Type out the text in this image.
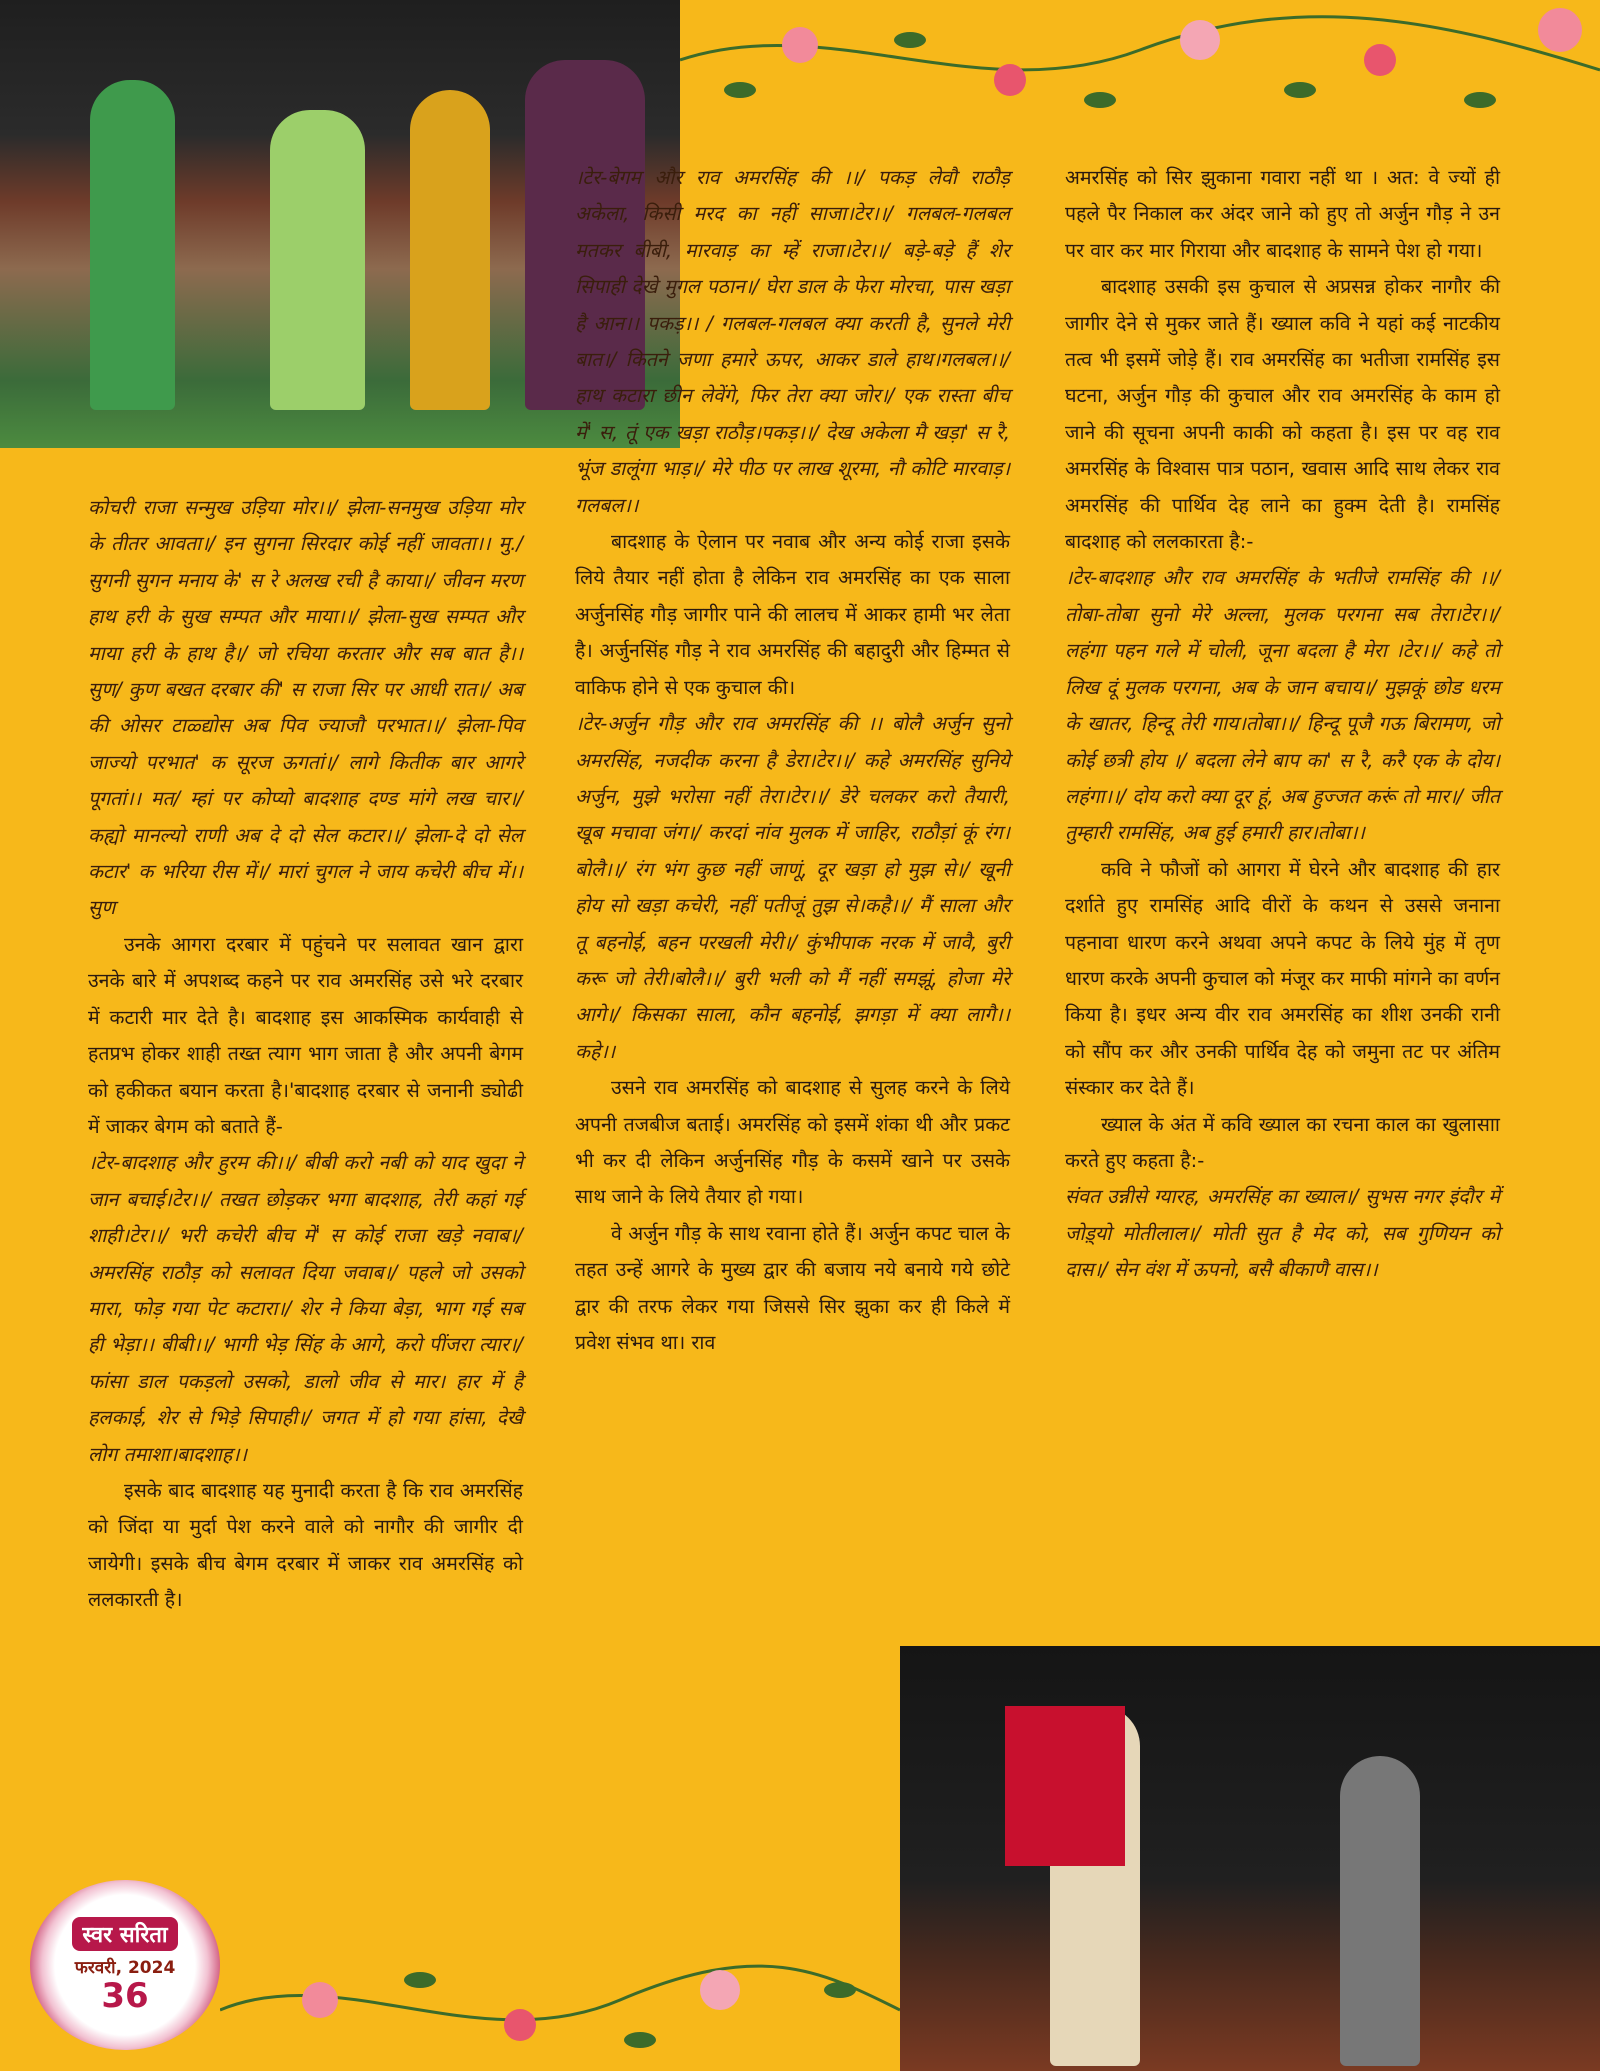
कोचरी राजा सन्मुख उड़िया मोर।।/ झेला-सनमुख उड़िया मोर के तीतर आवता।/ इन सुगना सिरदार कोई नहीं जावता।। मु./ सुगनी सुगन मनाय के' स रे अलख रची है काया।/ जीवन मरण हाथ हरी के सुख सम्पत और माया।।/ झेला-सुख सम्पत और माया हरी के हाथ है।/ जो रचिया करतार और सब बात है।। सुण/ कुण बखत दरबार की' स राजा सिर पर आधी रात।/ अब की ओसर टाळ्द्योस अब पिव ज्याजौ परभात।।/ झेला-पिव जाज्यो परभात' क सूरज ऊगतां।/ लागे कितीक बार आगरे पूगतां।। मत/ म्हां पर कोप्यो बादशाह दण्ड मांगे लख चार।/ कह्यो मानल्यो राणी अब दे दो सेल कटार।।/ झेला-दे दो सेल कटार' क भरिया रीस में।/ मारां चुगल ने जाय कचेरी बीच में।। सुण

उनके आगरा दरबार में पहुंचने पर सलावत खान द्वारा उनके बारे में अपशब्द कहने पर राव अमरसिंह उसे भरे दरबार में कटारी मार देते है। बादशाह इस आकस्मिक कार्यवाही से हतप्रभ होकर शाही तख्त त्याग भाग जाता है और अपनी बेगम को हकीकत बयान करता है।'बादशाह दरबार से जनानी ड्योढी में जाकर बेगम को बताते हैं-

।टेर-बादशाह और हुरम की।।/ बीबी करो नबी को याद खुदा ने जान बचाई।टेर।।/ तखत छोड़कर भगा बादशाह, तेरी कहां गई शाही।टेर।।/ भरी कचेरी बीच में' स कोई राजा खड़े नवाब।/ अमरसिंह राठौड़ को सलावत दिया जवाब।/ पहले जो उसको मारा, फोड़ गया पेट कटारा।/ शेर ने किया बेड़ा, भाग गई सब ही भेड़ा।। बीबी।।/ भागी भेड़ सिंह के आगे, करो पींजरा त्यार।/ फांसा डाल पकड़लो उसको, डालो जीव से मार। हार में है हलकाई, शेर से भिड़े सिपाही।/ जगत में हो गया हांसा, देखै लोग तमाशा।बादशाह।।

इसके बाद बादशाह यह मुनादी करता है कि राव अमरसिंह को जिंदा या मुर्दा पेश करने वाले को नागौर की जागीर दी जायेगी। इसके बीच बेगम दरबार में जाकर राव अमरसिंह को ललकारती है।

।टेर-बेगम और राव अमरसिंह की ।।/ पकड़ लेवौ राठौड़ अकेला, किसी मरद का नहीं साजा।टेर।।/ गलबल-गलबल मतकर बीबी, मारवाड़ का म्हें राजा।टेर।।/ बड़े-बड़े हैं शेर सिपाही देखे मुगल पठान।/ घेरा डाल के फेरा मोरचा, पास खड़ा है आन।। पकड़।। / गलबल-गलबल क्या करती है, सुनले मेरी बात।/ कितने जणा हमारे ऊपर, आकर डाले हाथ।गलबल।।/ हाथ कटारा छीन लेवेंगे, फिर तेरा क्या जोर।/ एक रास्ता बीच में' स, तूं एक खड़ा राठौड़।पकड़।।/ देख अकेला मै खड़ा' स रै, भूंज डालूंगा भाड़।/ मेरे पीठ पर लाख शूरमा, नौ कोटि मारवाड़।गलबल।।

बादशाह के ऐलान पर नवाब और अन्य कोई राजा इसके लिये तैयार नहीं होता है लेकिन राव अमरसिंह का एक साला अर्जुनसिंह गौड़ जागीर पाने की लालच में आकर हामी भर लेता है। अर्जुनसिंह गौड़ ने राव अमरसिंह की बहादुरी और हिम्मत से वाकिफ होने से एक कुचाल की।

।टेर-अर्जुन गौड़ और राव अमरसिंह की ।। बोलै अर्जुन सुनो अमरसिंह, नजदीक करना है डेरा।टेर।।/ कहे अमरसिंह सुनिये अर्जुन, मुझे भरोसा नहीं तेरा।टेर।।/ डेरे चलकर करो तैयारी, खूब मचावा जंग।/ करदां नांव मुलक में जाहिर, राठौड़ां कूं रंग।बोलै।।/ रंग भंग कुछ नहीं जाणूं, दूर खड़ा हो मुझ से।/ खूनी होय सो खड़ा कचेरी, नहीं पतीजूं तुझ से।कहै।।/ मैं साला और तू बहनोई, बहन परखली मेरी।/ कुंभीपाक नरक में जावै, बुरी करू जो तेरी।बोलै।।/ बुरी भली को मैं नहीं समझूं, होजा मेरे आगे।/ किसका साला, कौन बहनोई, झगड़ा में क्या लागै।।कहे।।

उसने राव अमरसिंह को बादशाह से सुलह करने के लिये अपनी तजबीज बताई। अमरसिंह को इसमें शंका थी और प्रकट भी कर दी लेकिन अर्जुनसिंह गौड़ के कसमें खाने पर उसके साथ जाने के लिये तैयार हो गया।

वे अर्जुन गौड़ के साथ रवाना होते हैं। अर्जुन कपट चाल के तहत उन्हें आगरे के मुख्य द्वार की बजाय नये बनाये गये छोटे द्वार की तरफ लेकर गया जिससे सिर झुका कर ही किले में प्रवेश संभव था। राव

अमरसिंह को सिर झुकाना गवारा नहीं था । अत: वे ज्यों ही पहले पैर निकाल कर अंदर जाने को हुए तो अर्जुन गौड़ ने उन पर वार कर मार गिराया और बादशाह के सामने पेश हो गया।

बादशाह उसकी इस कुचाल से अप्रसन्न होकर नागौर की जागीर देने से मुकर जाते हैं। ख्याल कवि ने यहां कई नाटकीय तत्व भी इसमें जोड़े हैं। राव अमरसिंह का भतीजा रामसिंह इस घटना, अर्जुन गौड़ की कुचाल और राव अमरसिंह के काम हो जाने की सूचना अपनी काकी को कहता है। इस पर वह राव अमरसिंह के विश्वास पात्र पठान, खवास आदि साथ लेकर राव अमरसिंह की पार्थिव देह लाने का हुक्म देती है। रामसिंह बादशाह को ललकारता है:-

।टेर-बादशाह और राव अमरसिंह के भतीजे रामसिंह की ।।/ तोबा-तोबा सुनो मेरे अल्ला, मुलक परगना सब तेरा।टेर।।/ लहंगा पहन गले में चोली, जूना बदला है मेरा ।टेर।।/ कहे तो लिख दूं मुलक परगना, अब के जान बचाय।/ मुझकूं छोड धरम के खातर, हिन्दू तेरी गाय।तोबा।।/ हिन्दू पूजै गऊ बिरामण, जो कोई छत्री होय ।/ बदला लेने बाप का' स रै, करै एक के दोय।लहंगा।।/ दोय करो क्या दूर हूं, अब हुज्जत करूं तो मार।/ जीत तुम्हारी रामसिंह, अब हुई हमारी हार।तोबा।।

कवि ने फौजों को आगरा में घेरने और बादशाह की हार दर्शाते हुए रामसिंह आदि वीरों के कथन से उससे जनाना पहनावा धारण करने अथवा अपने कपट के लिये मुंह में तृण धारण करके अपनी कुचाल को मंजूर कर माफी मांगने का वर्णन किया है। इधर अन्य वीर राव अमरसिंह का शीश उनकी रानी को सौंप कर और उनकी पार्थिव देह को जमुना तट पर अंतिम संस्कार कर देते हैं।

ख्याल के अंत में कवि ख्याल का रचना काल का खुलासाा करते हुए कहता है:-

संवत उन्नीसे ग्यारह, अमरसिंह का ख्याल।/ सुभस नगर इंदौर में जोड़्यो मोतीलाल।/ मोती सुत है मेद को, सब गुणियन को दास।/ सेन वंश में ऊपनो, बसै बीकाणै वास।।

स्वर सरिता
फरवरी, 2024
36
